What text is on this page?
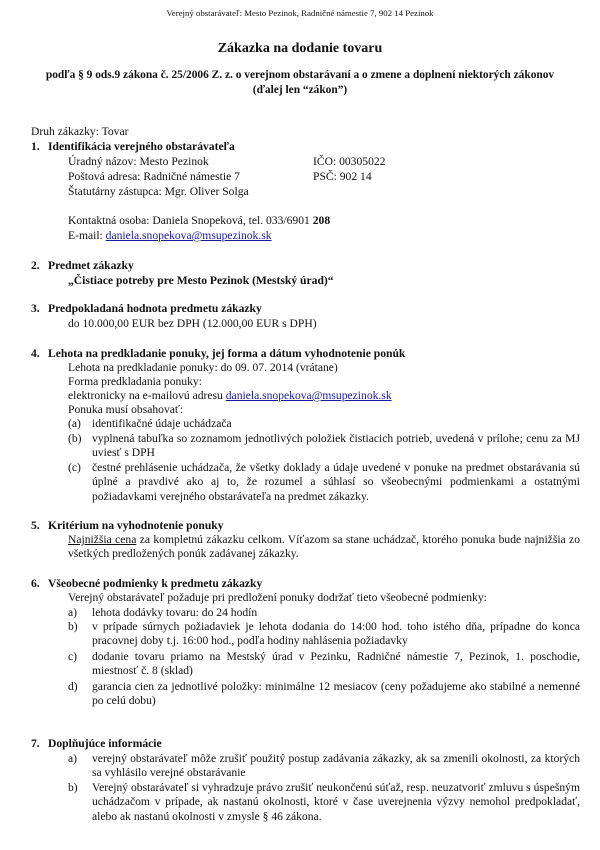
Verejný obstarávateľ: Mesto Pezinok, Radničné námestie 7, 902 14 Pezinok
Zákazka na dodanie tovaru
podľa § 9 ods.9 zákona č. 25/2006 Z. z. o verejnom obstarávaní a o zmene a doplnení niektorých zákonov (ďalej len “zákon”)
Druh zákazky: Tovar
1. Identifikácia verejného obstarávateľa
Úradný názov: Mesto Pezinok	IČO: 00305022
Poštová adresa: Radničné námestie 7	PSČ: 902 14
Štatutárny zástupca: Mgr. Oliver Solga
Kontaktná osoba: Daniela Snopeková, tel. 033/6901 208
E-mail: daniela.snopekova@msupezinok.sk
2. Predmet zákazky
„Čistiace potreby pre Mesto Pezinok (Mestský úrad)“
3. Predpokladaná hodnota predmetu zákazky
do 10.000,00 EUR bez DPH (12.000,00 EUR s DPH)
4. Lehota na predkladanie ponuky, jej forma a dátum vyhodnotenie ponúk
Lehota na predkladanie ponuky: do 09. 07. 2014 (vrátane)
Forma predkladania ponuky:
elektronicky na e-mailovú adresu daniela.snopekova@msupezinok.sk
Ponuka musí obsahovať:
(a) identifikačné údaje uchádzača
(b) vyplnená tabuľka so zoznamom jednotlivých položiek čistiacich potrieb, uvedená v prílohe; cenu za MJ uviesť s DPH
(c) čestné prehlásenie uchádzača, že všetky doklady a údaje uvedené v ponuke na predmet obstarávania sú úplné a pravdivé ako aj to, že rozumel a súhlasí so všeobecnými podmienkami a ostatnými požiadavkami verejného obstarávateľa na predmet zákazky.
5. Kritérium na vyhodnotenie ponuky
Najnižšia cena za kompletnú zákazku celkom. Víťazom sa stane uchádzač, ktorého ponuka bude najnižšia zo všetkých predložených ponúk zadávanej zákazky.
6. Všeobecné podmienky k predmetu zákazky
Verejný obstarávateľ požaduje pri predložení ponuky dodržať tieto všeobecné podmienky:
a) lehota dodávky tovaru: do 24 hodín
b) v prípade súrnych požiadaviek je lehota dodania do 14:00 hod. toho istého dňa, prípadne do konca pracovnej doby t.j. 16:00 hod., podľa hodiny nahlásenia požiadavky
c) dodanie tovaru priamo na Mestský úrad v Pezinku, Radničné námestie 7, Pezinok, 1. poschodie, miestnosť č. 8 (sklad)
d) garancia cien za jednotlivé položky: minimálne 12 mesiacov (ceny požadujeme ako stabilné a nemenné po celú dobu)
7. Doplňujúce informácie
a) verejný obstarávateľ môže zrušiť použitý postup zadávania zákazky, ak sa zmenili okolnosti, za ktorých sa vyhlásilo verejné obstarávanie
b) Verejný obstarávateľ si vyhradzuje právo zrušiť neukončenú súťaž, resp. neuzatvoriť zmluvu s úspešným uchádzačom v prípade, ak nastanú okolnosti, ktoré v čase uverejnenia výzvy nemohol predpokladať, alebo ak nastanú okolnosti v zmysle § 46 zákona.
